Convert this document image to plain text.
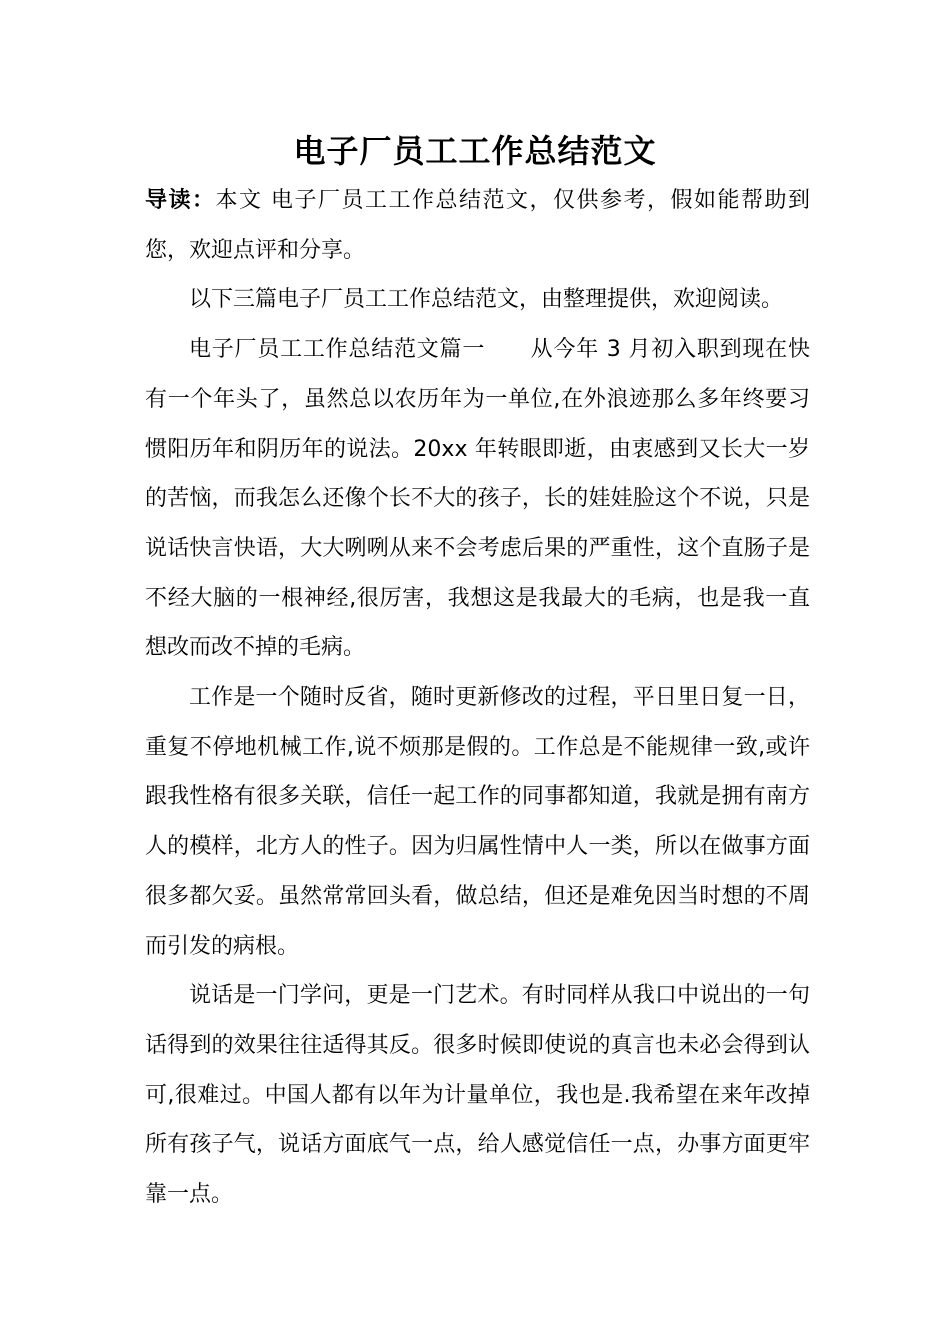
电子厂员工工作总结范文

导读：本文 电子厂员工工作总结范文，仅供参考，假如能帮助到您，欢迎点评和分享。

以下三篇电子厂员工工作总结范文，由整理提供，欢迎阅读。

电子厂员工工作总结范文篇一　　从今年 3 月初入职到现在快有一个年头了，虽然总以农历年为一单位,在外浪迹那么多年终要习惯阳历年和阴历年的说法。20xx 年转眼即逝，由衷感到又长大一岁的苦恼，而我怎么还像个长不大的孩子，长的娃娃脸这个不说，只是说话快言快语，大大咧咧从来不会考虑后果的严重性，这个直肠子是不经大脑的一根神经,很厉害，我想这是我最大的毛病，也是我一直想改而改不掉的毛病。

工作是一个随时反省，随时更新修改的过程，平日里日复一日，重复不停地机械工作,说不烦那是假的。工作总是不能规律一致,或许跟我性格有很多关联，信任一起工作的同事都知道，我就是拥有南方人的模样，北方人的性子。因为归属性情中人一类，所以在做事方面很多都欠妥。虽然常常回头看，做总结，但还是难免因当时想的不周而引发的病根。

说话是一门学问，更是一门艺术。有时同样从我口中说出的一句话得到的效果往往适得其反。很多时候即使说的真言也未必会得到认可,很难过。中国人都有以年为计量单位，我也是.我希望在来年改掉所有孩子气，说话方面底气一点，给人感觉信任一点，办事方面更牢靠一点。
